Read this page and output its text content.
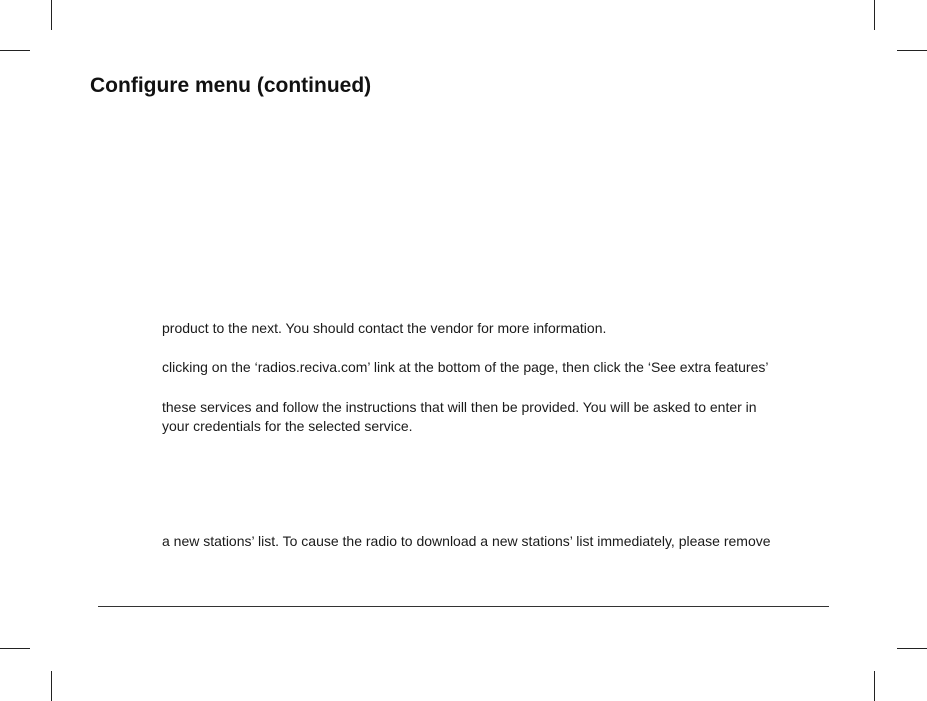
Configure menu (continued)

product to the next. You should contact the vendor for more information.

clicking on the ‘radios.reciva.com’ link at the bottom of the page, then click the ‘See extra features’

these services and follow the instructions that will then be provided. You will be asked to enter in

your credentials for the selected service.

a new stations’ list. To cause the radio to download a new stations’ list immediately, please remove
